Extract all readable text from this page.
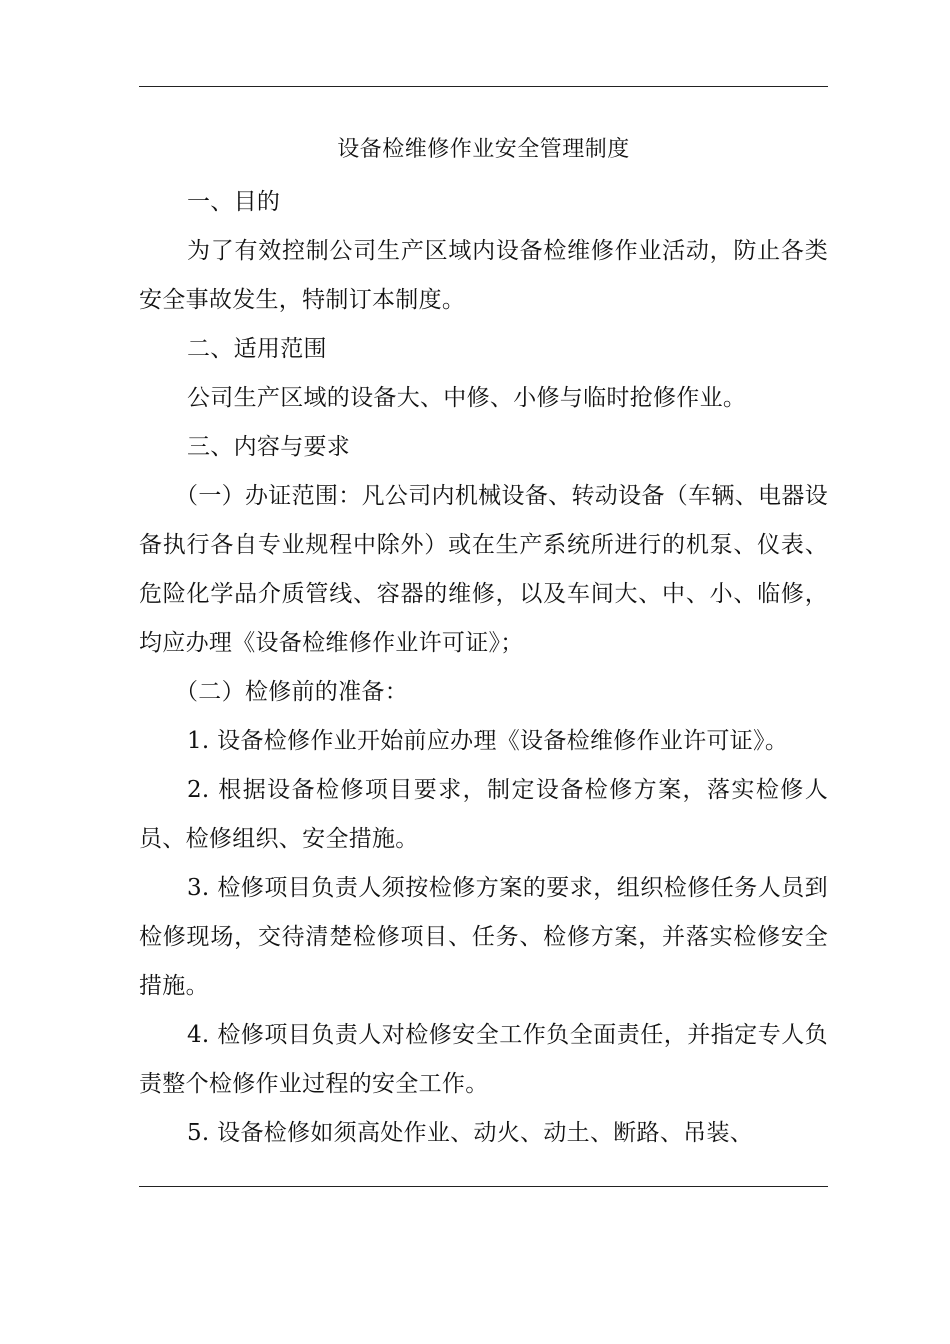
设备检维修作业安全管理制度

一、目的

为了有效控制公司生产区域内设备检维修作业活动，防止各类安全事故发生，特制订本制度。

二、适用范围

公司生产区域的设备大、中修、小修与临时抢修作业。

三、内容与要求

（一）办证范围：凡公司内机械设备、转动设备（车辆、电器设备执行各自专业规程中除外）或在生产系统所进行的机泵、仪表、危险化学品介质管线、容器的维修，以及车间大、中、小、临修，均应办理《设备检维修作业许可证》；

（二）检修前的准备：

1. 设备检修作业开始前应办理《设备检维修作业许可证》。

2. 根据设备检修项目要求，制定设备检修方案，落实检修人员、检修组织、安全措施。

3. 检修项目负责人须按检修方案的要求，组织检修任务人员到检修现场，交待清楚检修项目、任务、检修方案，并落实检修安全措施。

4. 检修项目负责人对检修安全工作负全面责任，并指定专人负责整个检修作业过程的安全工作。

5. 设备检修如须高处作业、动火、动土、断路、吊装、
